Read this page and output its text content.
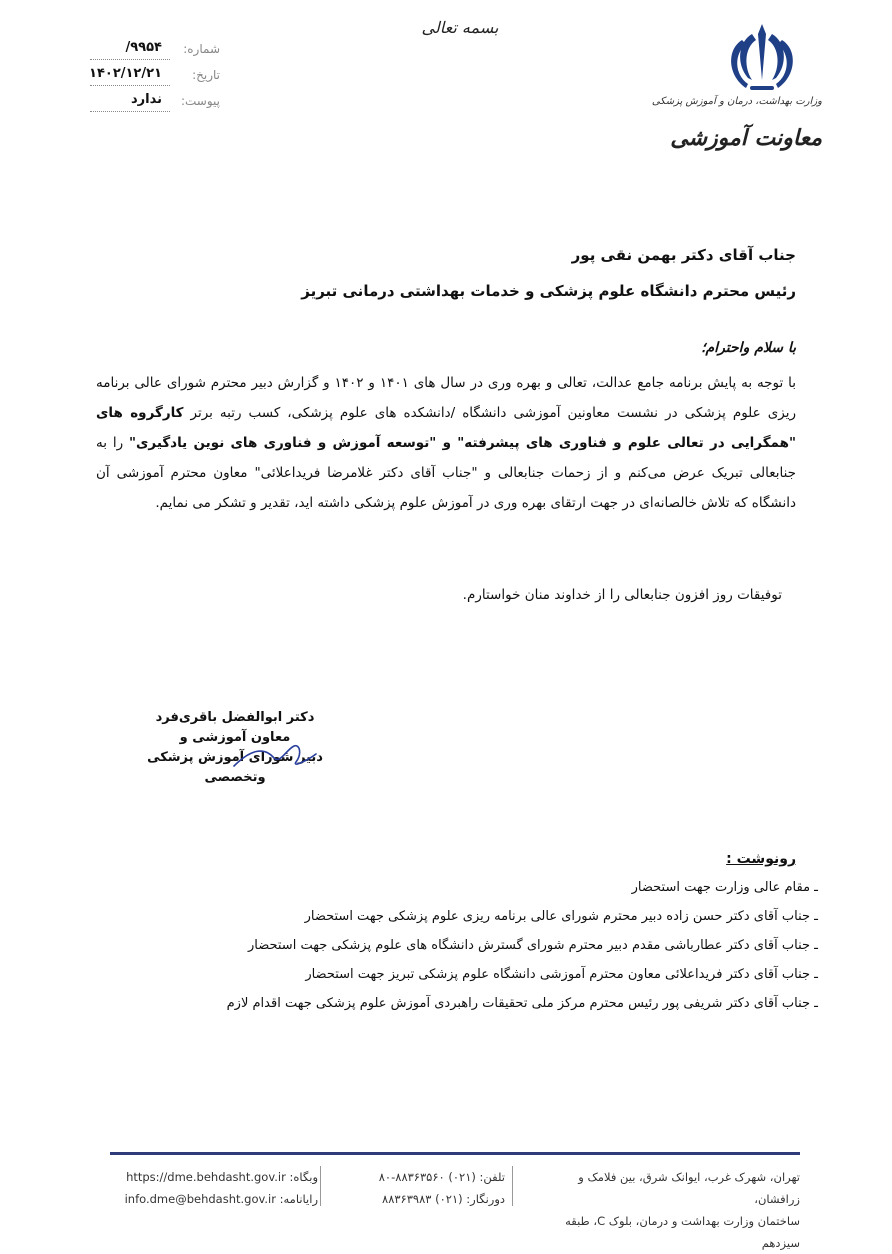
بسمه تعالی
وزارت بهداشت، درمان و آموزش پزشکی
معاونت آموزشی
شماره:
۹۹۵۴/
تاریخ:
۱۴۰۲/۱۲/۲۱
پیوست:
ندارد
جناب آقای دکتر بهمن نقی پور
رئیس محترم دانشگاه علوم پزشکی و خدمات بهداشتی درمانی تبریز
با سلام واحترام؛
با توجه به پایش برنامه جامع عدالت، تعالی و بهره وری در سال های ۱۴۰۱ و ۱۴۰۲ و گزارش دبیر محترم شورای عالی برنامه ریزی علوم پزشکی در نشست معاونین آموزشی دانشگاه /دانشکده های علوم پزشکی، کسب رتبه برتر کارگروه های "همگرایی در تعالی علوم و فناوری های پیشرفته" و "توسعه آموزش و فناوری های نوین یادگیری" را به جنابعالی تبریک عرض می‌کنم و از زحمات جنابعالی و "جناب آقای دکتر غلامرضا فریداعلائی" معاون محترم آموزشی آن دانشگاه که تلاش خالصانه‌ای در جهت ارتقای بهره وری در آموزش علوم پزشکی داشته اید، تقدیر و تشکر می نمایم.
توفیقات روز افزون جنابعالی را از خداوند منان خواستارم.
دکتر ابوالفضل باقری‌فرد
معاون آموزشی و
دبیر شورای آموزش پزشکی وتخصصی
رونوشت :
ـ مقام عالی وزارت جهت استحضار
ـ جناب آقای دکتر حسن زاده دبیر محترم شورای عالی برنامه ریزی علوم پزشکی جهت استحضار
ـ جناب آقای دکتر عطارباشی مقدم دبیر محترم شورای گسترش دانشگاه های علوم پزشکی جهت استحضار
ـ جناب آقای دکتر فریداعلائی معاون محترم آموزشی دانشگاه علوم پزشکی تبریز جهت استحضار
ـ جناب آقای دکتر شریفی پور رئیس محترم مرکز ملی تحقیقات راهبردی آموزش علوم پزشکی جهت اقدام لازم
تهران، شهرک غرب، ایوانک شرق، بین فلامک و زرافشان،
ساختمان وزارت بهداشت و درمان، بلوک C، طبقه سیزدهم
تلفن: (۰۲۱) ۸۸۳۶۳۵۶۰-۸۰
دورنگار: (۰۲۱) ۸۸۳۶۳۹۸۳
وبگاه: https://dme.behdasht.gov.ir
رایانامه: info.dme@behdasht.gov.ir
